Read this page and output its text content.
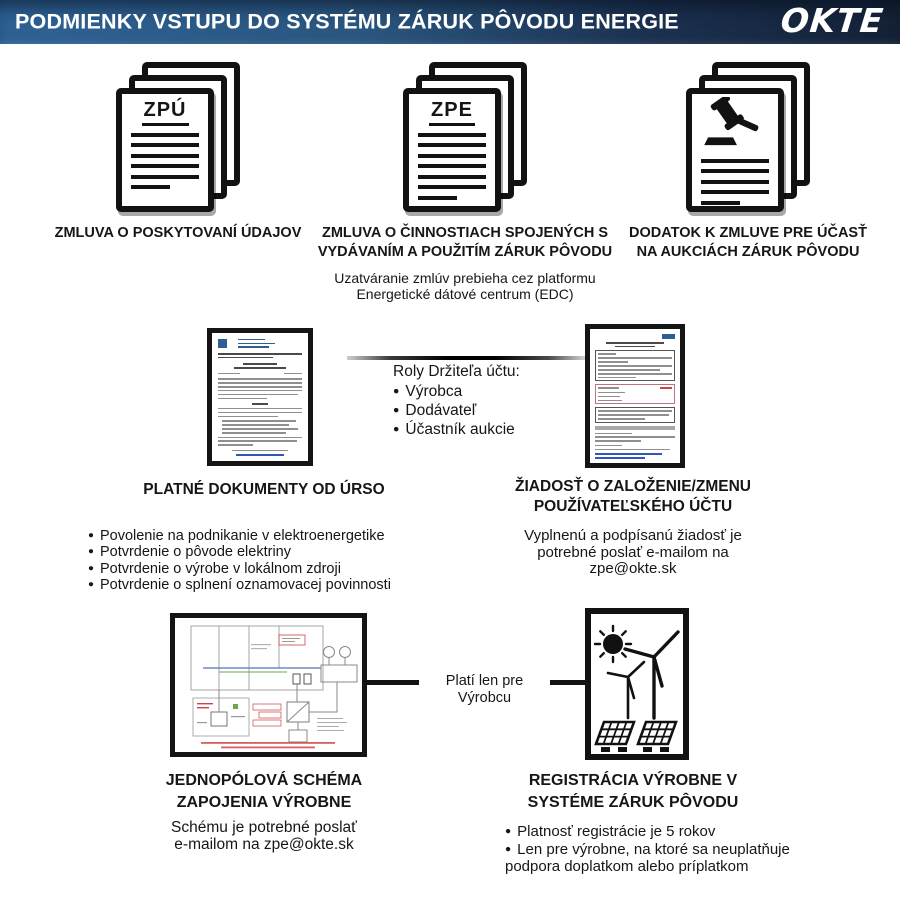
PODMIENKY VSTUPU DO SYSTÉMU ZÁRUK PÔVODU ENERGIE	OKTE
ZPÚ
ZMLUVA O POSKYTOVANÍ ÚDAJOV
ZPE
ZMLUVA O ČINNOSTIACH SPOJENÝCH S
VYDÁVANÍM A POUŽITÍM ZÁRUK PÔVODU
Uzatváranie zmlúv prebieha cez platformu
Energetické dátové centrum (EDC)
DODATOK K ZMLUVE PRE ÚČASŤ
NA AUKCIÁCH ZÁRUK PÔVODU
Roly Držiteľa účtu:
● Výrobca
● Dodávateľ
● Účastník aukcie
PLATNÉ DOKUMENTY OD ÚRSO
● Povolenie na podnikanie v elektroenergetike
● Potvrdenie o pôvode elektriny
● Potvrdenie o výrobe v lokálnom zdroji
● Potvrdenie o splnení oznamovacej povinnosti
ŽIADOSŤ O ZALOŽENIE/ZMENU
POUŽÍVATEĽSKÉHO ÚČTU
Vyplnenú a podpísanú žiadosť je
potrebné poslať e-mailom na
zpe@okte.sk
Platí len pre Výrobcu
JEDNOPÓLOVÁ SCHÉMA
ZAPOJENIA VÝROBNE
Schému je potrebné poslať
e-mailom na zpe@okte.sk
REGISTRÁCIA VÝROBNE V
SYSTÉME ZÁRUK PÔVODU
● Platnosť registrácie je 5 rokov
● Len pre výrobne, na ktoré sa neuplatňuje podpora doplatkom alebo príplatkom
